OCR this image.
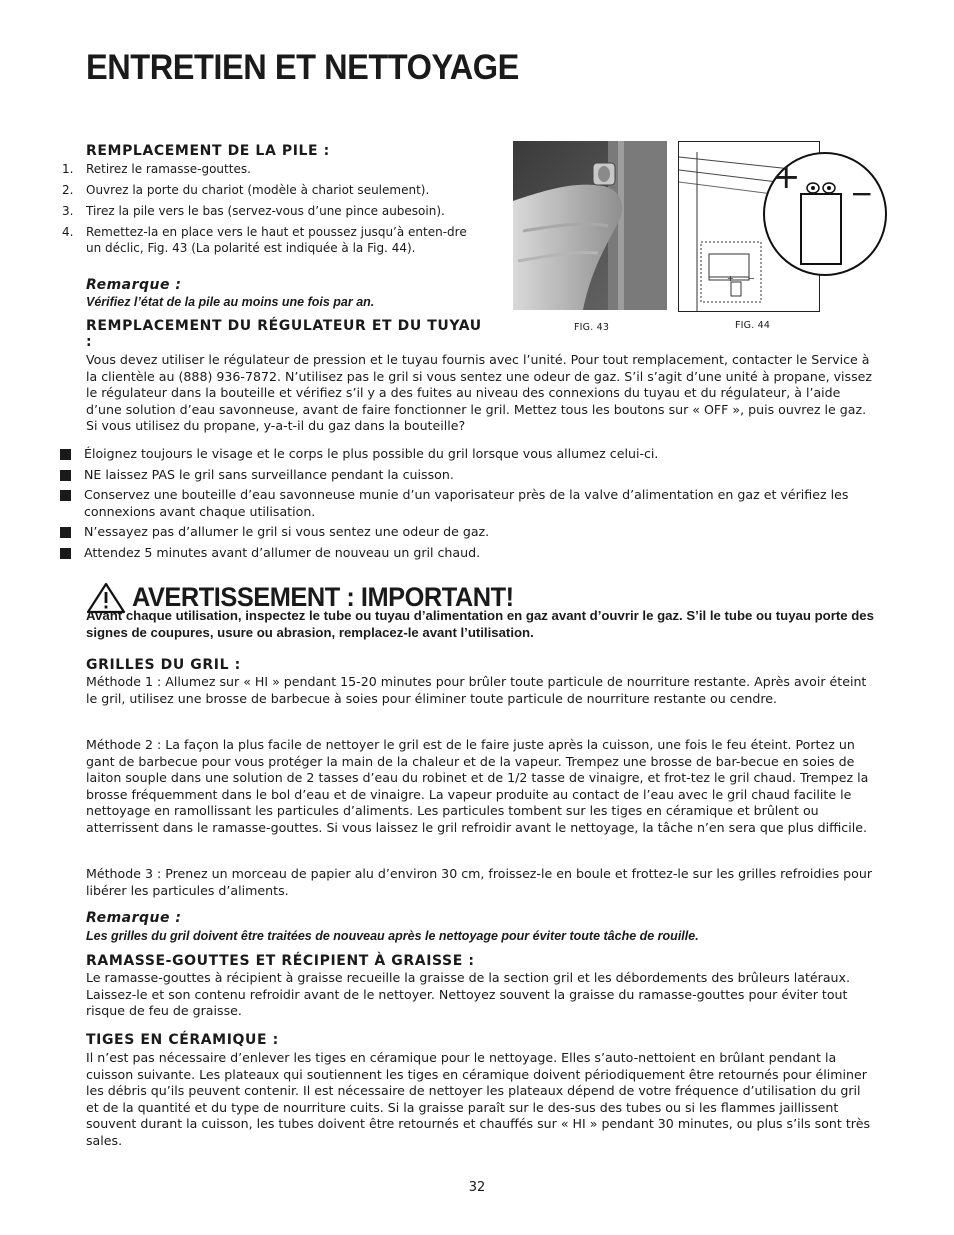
ENTRETIEN ET NETTOYAGE
REMPLACEMENT DE LA PILE :
1. Retirez le ramasse-gouttes.
2. Ouvrez la porte du chariot (modèle à chariot seulement).
3. Tirez la pile vers le bas (servez-vous d’une pince aubesoin).
4. Remettez-la en place vers le haut et poussez jusqu’à enten-dre un déclic, Fig. 43 (La polarité est indiquée à la Fig. 44).

Remarque :

Vérifiez l’état de la pile au moins une fois par an.

+ −
+ −

FIG. 43	FIG. 44

REMPLACEMENT DU RÉGULATEUR ET DU TUYAU :

Vous devez utiliser le régulateur de pression et le tuyau fournis avec l’unité. Pour tout remplacement, contacter le Service à la clientèle au (888) 936-7872. N’utilisez pas le gril si vous sentez une odeur de gaz. S’il s’agit d’une unité à propane, vissez le régulateur dans la bouteille et vérifiez s’il y a des fuites au niveau des connexions du tuyau et du régulateur, à l’aide d’une solution d’eau savonneuse, avant de faire fonctionner le gril. Mettez tous les boutons sur « OFF », puis ouvrez le gaz. Si vous utilisez du propane, y-a-t-il du gaz dans la bouteille?

Éloignez toujours le visage et le corps le plus possible du gril lorsque vous allumez celui-ci.
NE laissez PAS le gril sans surveillance pendant la cuisson.
Conservez une bouteille d’eau savonneuse munie d’un vaporisateur près de la valve d’alimentation en gaz et vérifiez les connexions avant chaque utilisation.
N’essayez pas d’allumer le gril si vous sentez une odeur de gaz.
Attendez 5 minutes avant d’allumer de nouveau un gril chaud.
AVERTISSEMENT : IMPORTANT!

Avant chaque utilisation, inspectez le tube ou tuyau d’alimentation en gaz avant d’ouvrir le gaz. S’il le tube ou tuyau porte des signes de coupures, usure ou abrasion, remplacez-le avant l’utilisation.

GRILLES DU GRIL :

Méthode 1 : Allumez sur « HI » pendant 15-20 minutes pour brûler toute particule de nourriture restante. Après avoir éteint le gril, utilisez une brosse de barbecue à soies pour éliminer toute particule de nourriture restante ou cendre.

Méthode 2 : La façon la plus facile de nettoyer le gril est de le faire juste après la cuisson, une fois le feu éteint. Portez un gant de barbecue pour vous protéger la main de la chaleur et de la vapeur. Trempez une brosse de bar-becue en soies de laiton souple dans une solution de 2 tasses d’eau du robinet et de 1/2 tasse de vinaigre, et frot-tez le gril chaud. Trempez la brosse fréquemment dans le bol d’eau et de vinaigre. La vapeur produite au contact de l’eau avec le gril chaud facilite le nettoyage en ramollissant les particules d’aliments. Les particules tombent sur les tiges en céramique et brûlent ou atterrissent dans le ramasse-gouttes. Si vous laissez le gril refroidir avant le nettoyage, la tâche n’en sera que plus difficile.

Méthode 3 : Prenez un morceau de papier alu d’environ 30 cm, froissez-le en boule et frottez-le sur les grilles refroidies pour libérer les particules d’aliments.

Remarque :

Les grilles du gril doivent être traitées de nouveau après le nettoyage pour éviter toute tâche de rouille.

RAMASSE-GOUTTES ET RÉCIPIENT À GRAISSE :

Le ramasse-gouttes à récipient à graisse recueille la graisse de la section gril et les débordements des brûleurs latéraux. Laissez-le et son contenu refroidir avant de le nettoyer. Nettoyez souvent la graisse du ramasse-gouttes pour éviter tout risque de feu de graisse.

TIGES EN CÉRAMIQUE :

Il n’est pas nécessaire d’enlever les tiges en céramique pour le nettoyage. Elles s’auto-nettoient en brûlant pendant la cuisson suivante. Les plateaux qui soutiennent les tiges en céramique doivent périodiquement être retournés pour éliminer les débris qu’ils peuvent contenir. Il est nécessaire de nettoyer les plateaux dépend de votre fréquence d’utilisation du gril et de la quantité et du type de nourriture cuits. Si la graisse paraît sur le des-sus des tubes ou si les flammes jaillissent souvent durant la cuisson, les tubes doivent être retournés et chauffés sur « HI » pendant 30 minutes, ou plus s’ils sont très sales.

32
